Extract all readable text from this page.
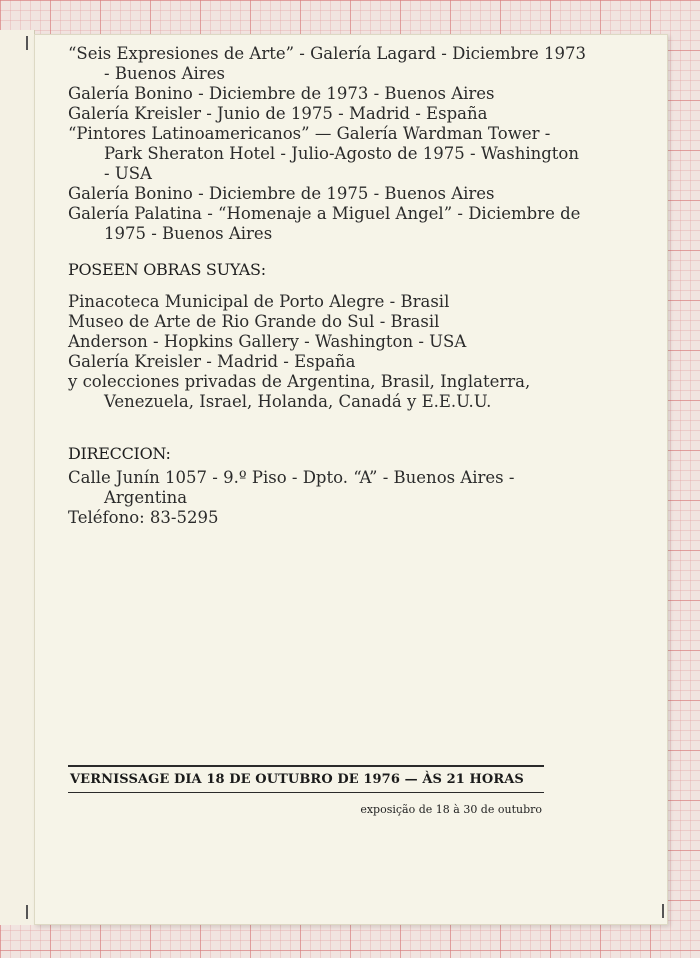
“Seis Expresiones de Arte” - Galería Lagard - Diciembre 1973 - Buenos Aires

Galería Bonino - Diciembre de 1973 - Buenos Aires

Galería Kreisler - Junio de 1975 - Madrid - España

“Pintores Latinoamericanos” — Galería Wardman Tower - Park Sheraton Hotel - Julio-Agosto de 1975 - Washington - USA

Galería Bonino - Diciembre de 1975 - Buenos Aires

Galería Palatina - “Homenaje a Miguel Angel” - Diciembre de 1975 - Buenos Aires

POSEEN OBRAS SUYAS:

Pinacoteca Municipal de Porto Alegre - Brasil

Museo de Arte de Rio Grande do Sul - Brasil

Anderson - Hopkins Gallery - Washington - USA

Galería Kreisler - Madrid - España

y colecciones privadas de Argentina, Brasil, Inglaterra, Venezuela, Israel, Holanda, Canadá y E.E.U.U.

DIRECCION:

Calle Junín 1057 - 9.º Piso - Dpto. “A” - Buenos Aires - Argentina

Teléfono: 83-5295

VERNISSAGE DIA 18 DE OUTUBRO DE 1976 — ÀS 21 HORAS
exposição de 18 à 30 de outubro
